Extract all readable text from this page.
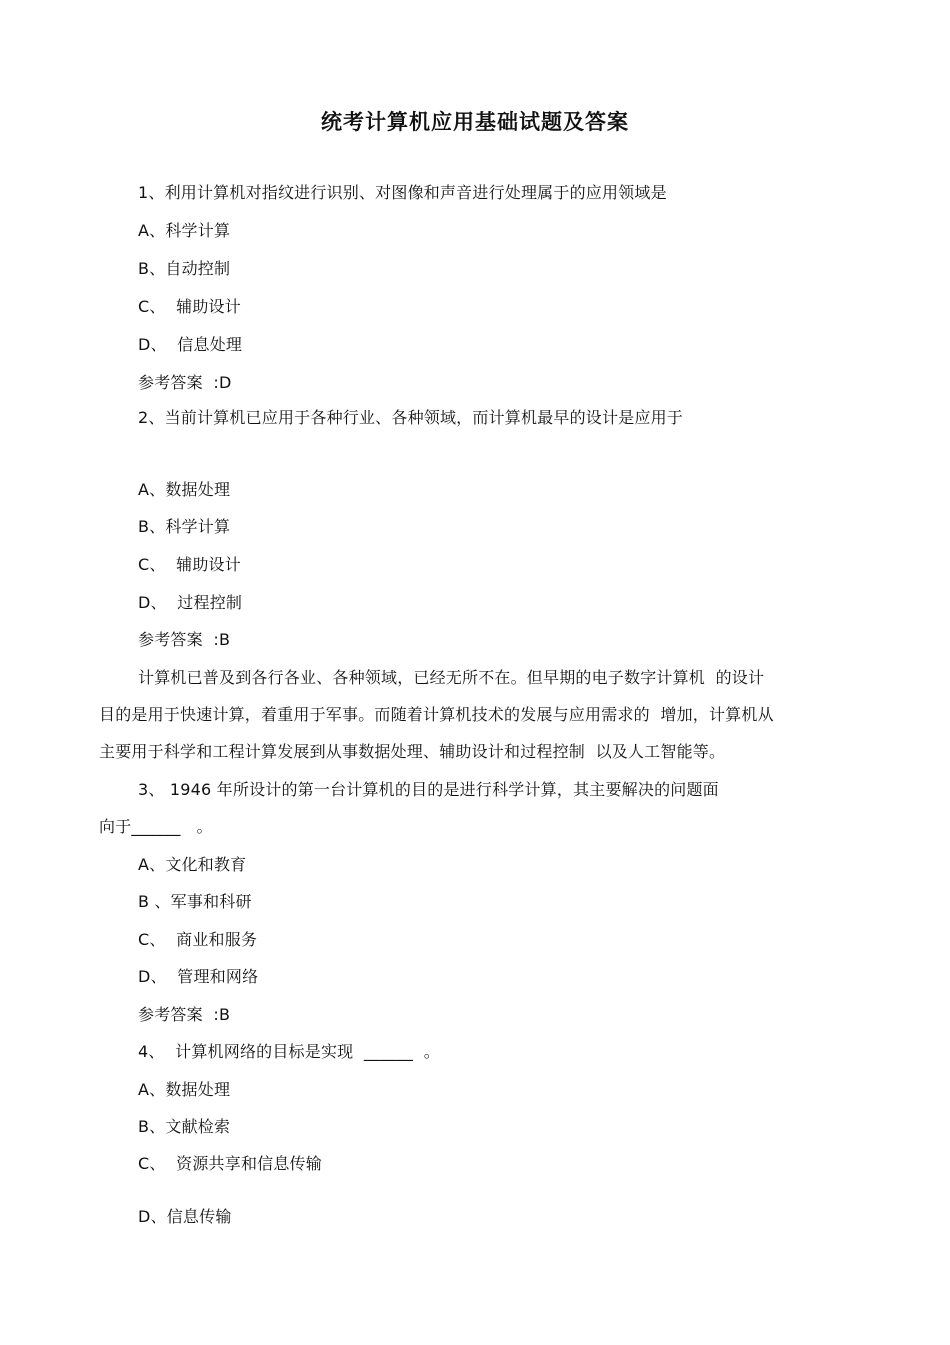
统考计算机应用基础试题及答案
1、利用计算机对指纹进行识别、对图像和声音进行处理属于的应用领域是
A、科学计算
B、自动控制
C、  辅助设计
D、  信息处理
参考答案  :D
2、当前计算机已应用于各种行业、各种领域，而计算机最早的设计是应用于
A、数据处理
B、科学计算
C、  辅助设计
D、  过程控制
参考答案  :B
计算机已普及到各行各业、各种领域，已经无所不在。但早期的电子数字计算机  的设计
目的是用于快速计算，着重用于军事。而随着计算机技术的发展与应用需求的  增加，计算机从
主要用于科学和工程计算发展到从事数据处理、辅助设计和过程控制  以及人工智能等。
3、 1946 年所设计的第一台计算机的目的是进行科学计算，其主要解决的问题面
向于______   。
A、文化和教育
B 、军事和科研
C、  商业和服务
D、  管理和网络
参考答案  :B
4、  计算机网络的目标是实现  ______  。
A、数据处理
B、文献检索
C、  资源共享和信息传输
D、信息传输
